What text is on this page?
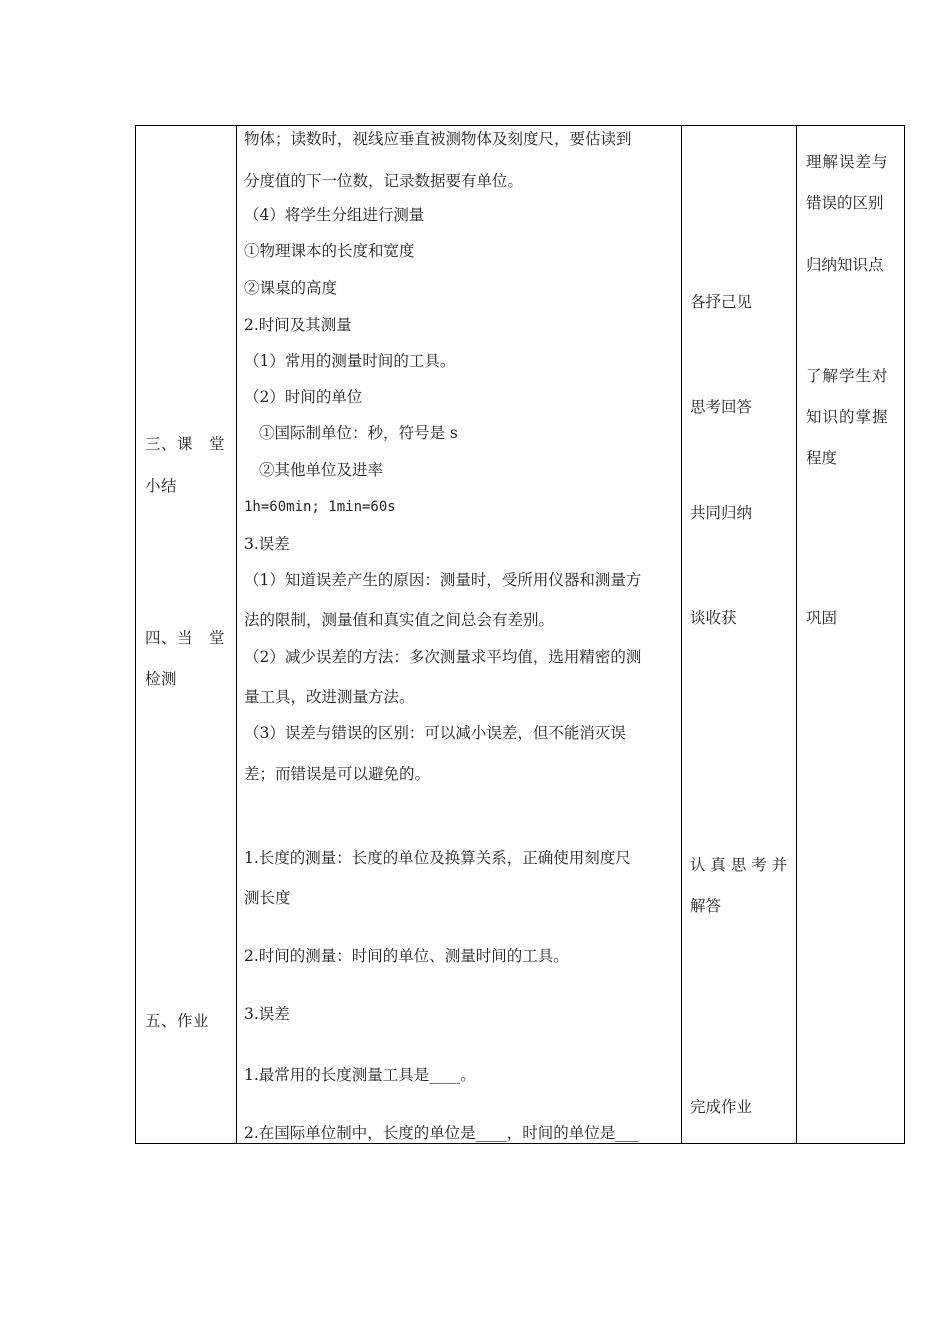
三、课　堂
小结
四、当　堂
检测
五、作业
物体；读数时，视线应垂直被测物体及刻度尺，要估读到
分度值的下一位数，记录数据要有单位。
（4）将学生分组进行测量
①物理课本的长度和宽度
②课桌的高度
2.时间及其测量
（1）常用的测量时间的工具。
（2）时间的单位
①国际制单位：秒，符号是 s
②其他单位及进率
1h=60min; 1min=60s
3.误差
（1）知道误差产生的原因：测量时，受所用仪器和测量方
法的限制，测量值和真实值之间总会有差别。
（2）减少误差的方法：多次测量求平均值，选用精密的测
量工具，改进测量方法。
（3）误差与错误的区别：可以减小误差，但不能消灭误
差；而错误是可以避免的。
1.长度的测量：长度的单位及换算关系，正确使用刻度尺
测长度
2.时间的测量：时间的单位、测量时间的工具。
3.误差
1.最常用的长度测量工具是____。
2.在国际单位制中，长度的单位是____，时间的单位是___
各抒己见
思考回答
共同归纳
谈收获
认 真 思 考 并
解答
完成作业
理解误差与
错误的区别
归纳知识点
了解学生对
知识的掌握
程度
巩固
